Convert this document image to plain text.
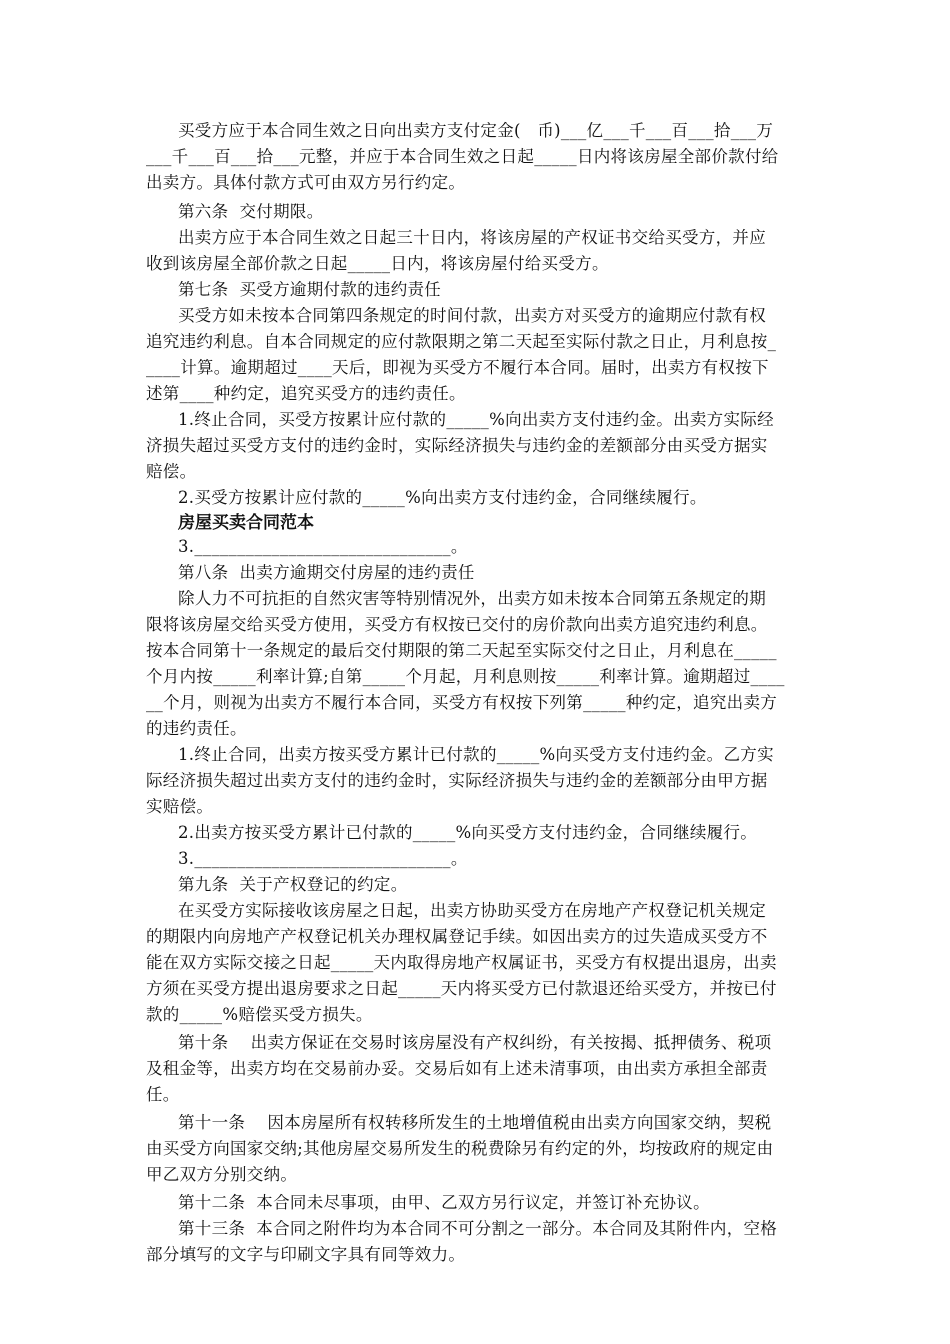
买受方应于本合同生效之日向出卖方支付定金(   币)___亿___千___百___拾___万
___千___百___拾___元整，并应于本合同生效之日起_____日内将该房屋全部价款付给
出卖方。具体付款方式可由双方另行约定。
第六条  交付期限。
出卖方应于本合同生效之日起三十日内，将该房屋的产权证书交给买受方，并应
收到该房屋全部价款之日起_____日内，将该房屋付给买受方。
第七条  买受方逾期付款的违约责任
买受方如未按本合同第四条规定的时间付款，出卖方对买受方的逾期应付款有权
追究违约利息。自本合同规定的应付款限期之第二天起至实际付款之日止，月利息按_
____计算。逾期超过____天后，即视为买受方不履行本合同。届时，出卖方有权按下
述第____种约定，追究买受方的违约责任。
1.终止合同，买受方按累计应付款的_____%向出卖方支付违约金。出卖方实际经
济损失超过买受方支付的违约金时，实际经济损失与违约金的差额部分由买受方据实
赔偿。
2.买受方按累计应付款的_____%向出卖方支付违约金，合同继续履行。
房屋买卖合同范本
3.______________________________。
第八条  出卖方逾期交付房屋的违约责任
除人力不可抗拒的自然灾害等特别情况外，出卖方如未按本合同第五条规定的期
限将该房屋交给买受方使用，买受方有权按已交付的房价款向出卖方追究违约利息。
按本合同第十一条规定的最后交付期限的第二天起至实际交付之日止，月利息在_____
个月内按_____利率计算;自第_____个月起，月利息则按_____利率计算。逾期超过____
__个月，则视为出卖方不履行本合同，买受方有权按下列第_____种约定，追究出卖方
的违约责任。
1.终止合同，出卖方按买受方累计已付款的_____%向买受方支付违约金。乙方实
际经济损失超过出卖方支付的违约金时，实际经济损失与违约金的差额部分由甲方据
实赔偿。
2.出卖方按买受方累计已付款的_____%向买受方支付违约金，合同继续履行。
3.______________________________。
第九条  关于产权登记的约定。
在买受方实际接收该房屋之日起，出卖方协助买受方在房地产产权登记机关规定
的期限内向房地产产权登记机关办理权属登记手续。如因出卖方的过失造成买受方不
能在双方实际交接之日起_____天内取得房地产权属证书，买受方有权提出退房，出卖
方须在买受方提出退房要求之日起_____天内将买受方已付款退还给买受方，并按已付
款的_____%赔偿买受方损失。
第十条    出卖方保证在交易时该房屋没有产权纠纷，有关按揭、抵押债务、税项
及租金等，出卖方均在交易前办妥。交易后如有上述未清事项，由出卖方承担全部责
任。
第十一条    因本房屋所有权转移所发生的土地增值税由出卖方向国家交纳，契税
由买受方向国家交纳;其他房屋交易所发生的税费除另有约定的外，均按政府的规定由
甲乙双方分别交纳。
第十二条  本合同未尽事项，由甲、乙双方另行议定，并签订补充协议。
第十三条  本合同之附件均为本合同不可分割之一部分。本合同及其附件内，空格
部分填写的文字与印刷文字具有同等效力。
